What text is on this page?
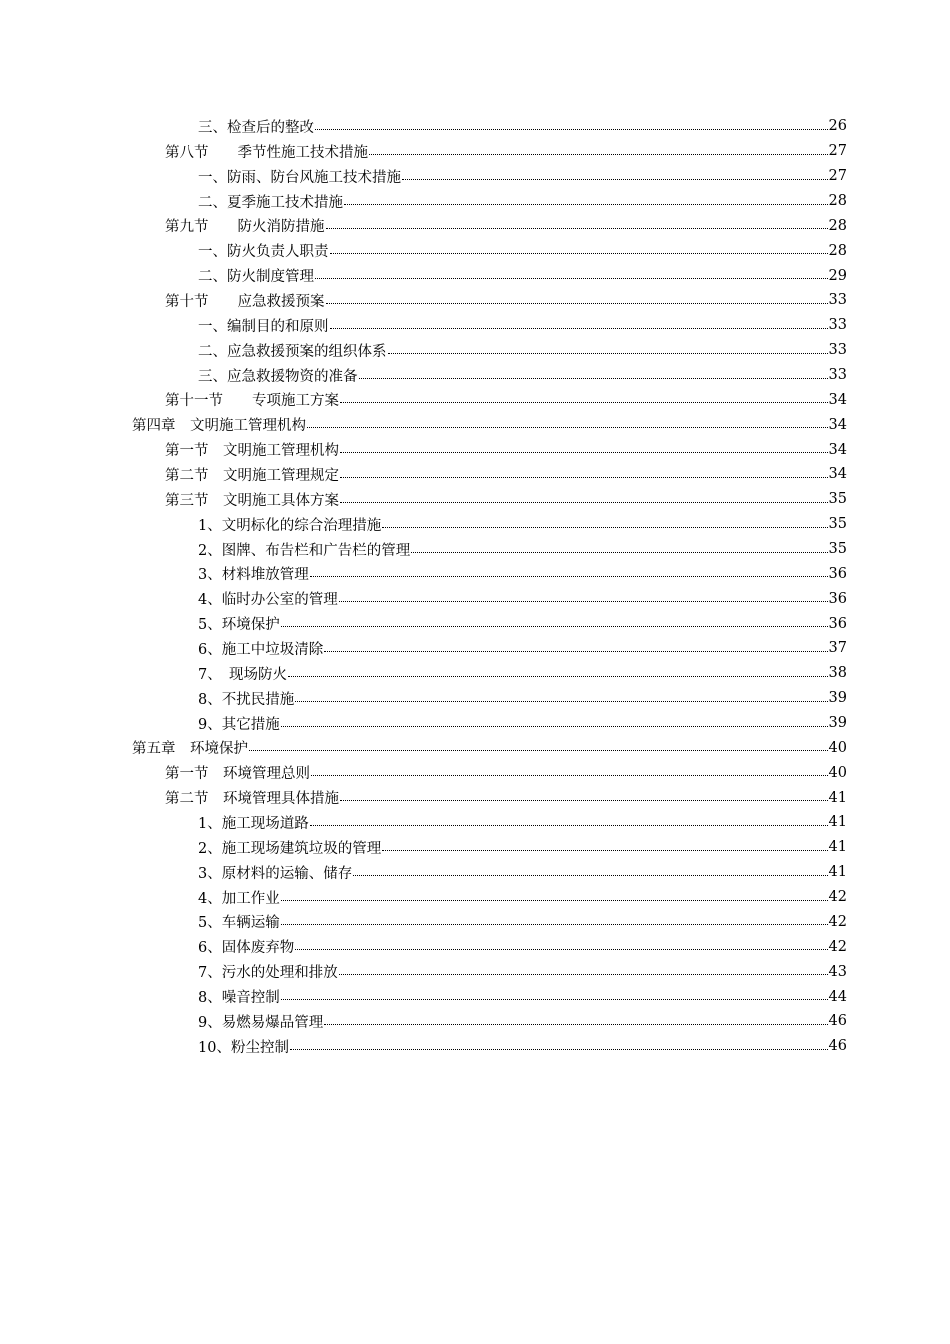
三、检查后的整改	26
第八节　　季节性施工技术措施	27
一、防雨、防台风施工技术措施	27
二、夏季施工技术措施	28
第九节　　防火消防措施	28
一、防火负责人职责	28
二、防火制度管理	29
第十节　　应急救援预案	33
一、编制目的和原则	33
二、应急救援预案的组织体系	33
三、应急救援物资的准备	33
第十一节　　专项施工方案	34
第四章　文明施工管理机构	34
第一节　文明施工管理机构	34
第二节　文明施工管理规定	34
第三节　文明施工具体方案	35
1、文明标化的综合治理措施	35
2、图牌、布告栏和广告栏的管理	35
3、材料堆放管理	36
4、临时办公室的管理	36
5、环境保护	36
6、施工中垃圾清除	37
7、　现场防火	38
8、不扰民措施	39
9、其它措施	39
第五章　环境保护	40
第一节　环境管理总则	40
第二节　环境管理具体措施	41
1、施工现场道路	41
2、施工现场建筑垃圾的管理	41
3、原材料的运输、储存	41
4、加工作业	42
5、车辆运输	42
6、固体废弃物	42
7、污水的处理和排放	43
8、噪音控制	44
9、易燃易爆品管理	46
10、粉尘控制	46
